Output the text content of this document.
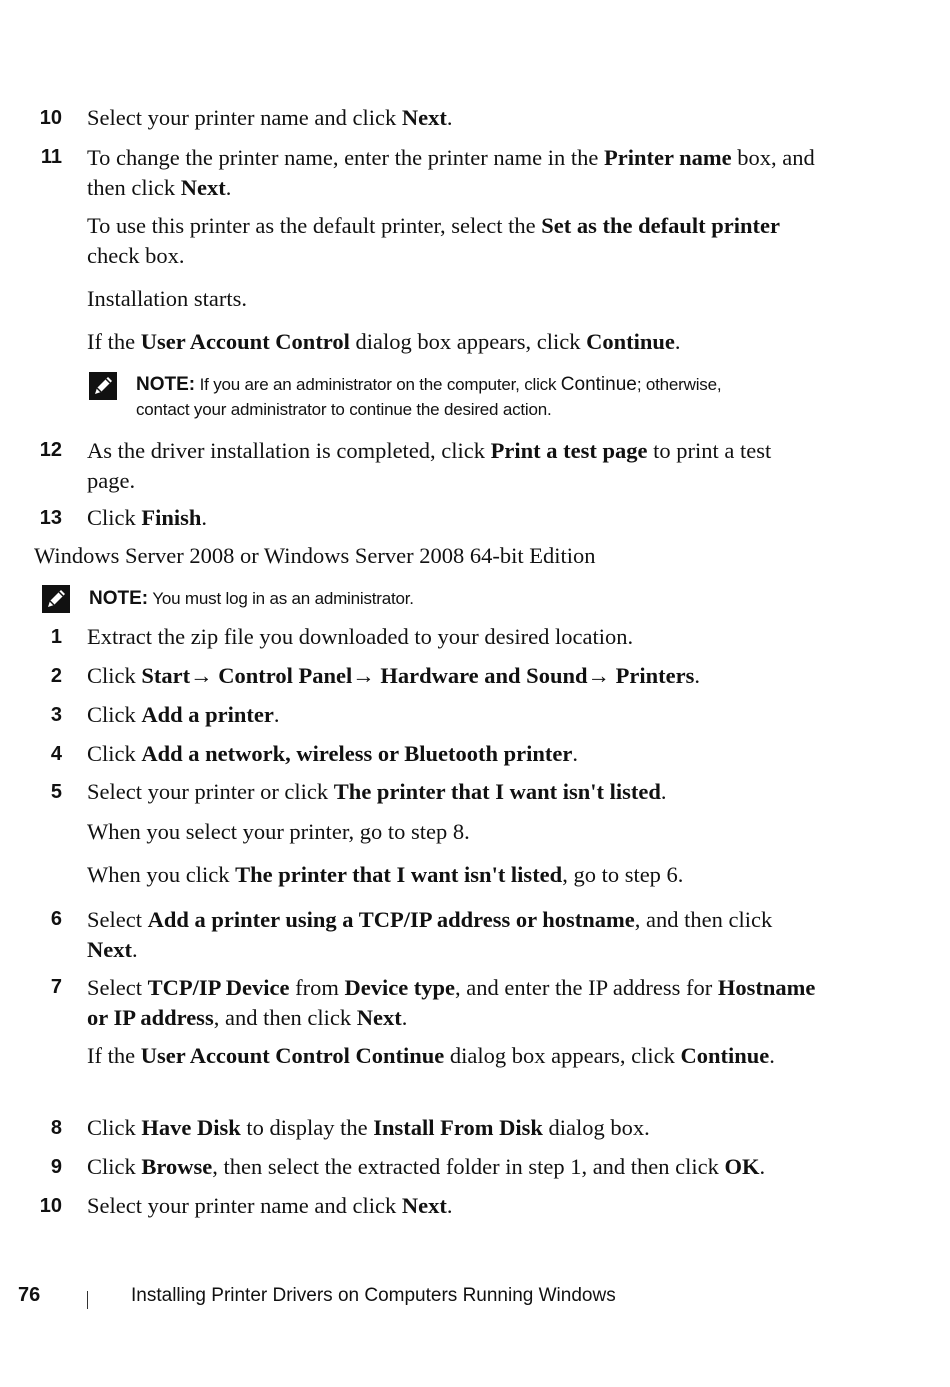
10 Select your printer name and click Next.
11 To change the printer name, enter the printer name in the Printer name box, and then click Next.
To use this printer as the default printer, select the Set as the default printer check box.
Installation starts.
If the User Account Control dialog box appears, click Continue.
NOTE: If you are an administrator on the computer, click Continue; otherwise,
contact your administrator to continue the desired action.
12 As the driver installation is completed, click Print a test page to print a test page.
13 Click Finish.
Windows Server 2008 or Windows Server 2008 64-bit Edition
NOTE: You must log in as an administrator.
1 Extract the zip file you downloaded to your desired location.
2 Click Start→ Control Panel→ Hardware and Sound→ Printers.
3 Click Add a printer.
4 Click Add a network, wireless or Bluetooth printer.
5 Select your printer or click The printer that I want isn't listed.
When you select your printer, go to step 8.
When you click The printer that I want isn't listed, go to step 6.
6 Select Add a printer using a TCP/IP address or hostname, and then click Next.
7 Select TCP/IP Device from Device type, and enter the IP address for Hostname or IP address, and then click Next.
If the User Account Control Continue dialog box appears, click Continue.
8 Click Have Disk to display the Install From Disk dialog box.
9 Click Browse, then select the extracted folder in step 1, and then click OK.
10 Select your printer name and click Next.
76	Installing Printer Drivers on Computers Running Windows
